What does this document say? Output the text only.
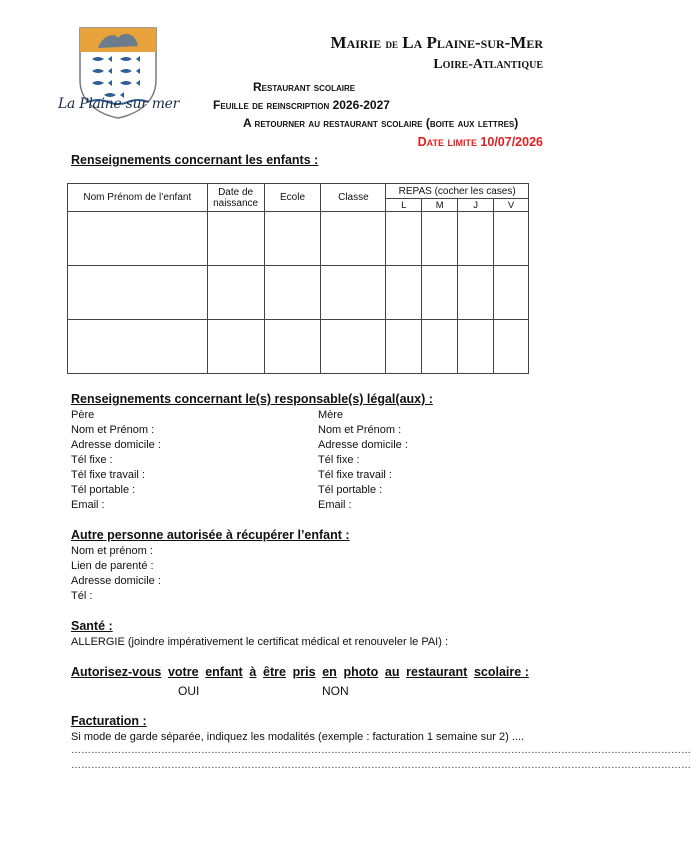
La Plaine sur mer
Mairie de La Plaine-sur-Mer
Loire-Atlantique
Restaurant scolaire
Feuille de reinscription 2026-2027
A retourner au restaurant scolaire (boite aux lettres)
Date limite 10/07/2026
Renseignements concernant les enfants :
Nom Prénom de l’enfant	Date de naissance	Ecole	Classe	REPAS (cocher les cases)			
				L	M	J	V

Renseignements concernant le(s) responsable(s) légal(aux) :
Père
Nom et Prénom :
Adresse domicile :
Tél fixe :
Tél fixe travail :
Tél portable :
Email :
Mère
Nom et Prénom :
Adresse domicile :
Tél fixe :
Tél fixe travail :
Tél portable :
Email :
Autre personne autorisée à récupérer l’enfant :
Nom et prénom :
Lien de parenté :
Adresse domicile :
Tél :
Santé :
ALLERGIE (joindre impérativement le certificat médical et renouveler le PAI) :
Autorisez-vous votre enfant à être pris en photo au restaurant scolaire :
OUI	NON
Facturation :
Si mode de garde séparée, indiquez les modalités (exemple : facturation 1 semaine sur 2) ....
……………………………………………………………………………………………………………………………………………………………………
……………………………………………………………………………………………………………………………………………………………………
